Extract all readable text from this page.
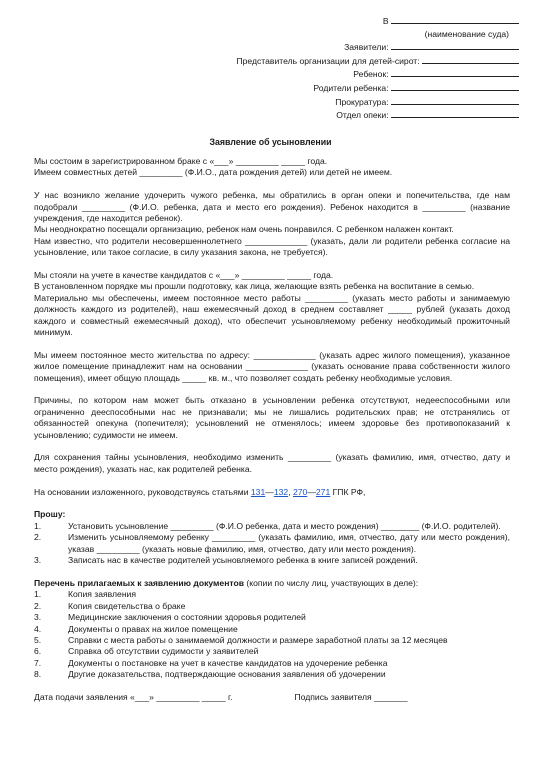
В
(наименование суда)
Заявители:
Представитель организации для детей-сирот:
Ребенок:
Родители ребенка:
Прокуратура:
Отдел опеки:
Заявление об усыновлении

Мы состоим в зарегистрированном браке с «___» _________ _____ года.

Имеем совместных детей _________ (Ф.И.О., дата рождения детей) или детей не имеем.

У нас возникло желание удочерить чужого ребенка, мы обратились в орган опеки и попечительства, где нам подобрали _________ (Ф.И.О. ребенка, дата и место его рождения). Ребенок находится в _________ (название учреждения, где находится ребенок).

Мы неоднократно посещали организацию, ребенок нам очень понравился. С ребенком налажен контакт.

Нам известно, что родители несовершеннолетнего _____________ (указать, дали ли родители ребенка согласие на усыновление, или такое согласие, в силу указания закона, не требуется).

Мы стояли на учете в качестве кандидатов с «___» _________ _____ года.

В установленном порядке мы прошли подготовку, как лица, желающие взять ребенка на воспитание в семью.

Материально мы обеспечены, имеем постоянное место работы _________ (указать место работы и занимаемую должность каждого из родителей), наш ежемесячный доход в среднем составляет _____ рублей (указать доход каждого и совместный ежемесячный доход), что обеспечит усыновляемому ребенку необходимый прожиточный минимум.

Мы имеем постоянное место жительства по адресу: _____________ (указать адрес жилого помещения), указанное жилое помещение принадлежит нам на основании _____________ (указать основание права собственности жилого помещения), имеет общую площадь _____ кв. м., что позволяет создать ребенку необходимые условия.

Причины, по котором нам может быть отказано в усыновлении ребенка отсутствуют, недееспособными или ограниченно дееспособными нас не признавали; мы не лишались родительских прав; не отстранялись от обязанностей опекуна (попечителя); усыновлений не отменялось; имеем здоровье без противопоказаний к усыновлению; судимости не имеем.

Для сохранения тайны усыновления, необходимо изменить _________ (указать фамилию, имя, отчество, дату и место рождения), указать нас, как родителей ребенка.

На основании изложенного, руководствуясь статьями 131—132, 270—271 ГПК РФ,

Прошу:

1.	Установить усыновление _________ (Ф.И.О ребенка, дата и место рождения) ________ (Ф.И.О. родителей).
2.	Изменить усыновляемому ребенку _________ (указать фамилию, имя, отчество, дату или место рождения), указав _________ (указать новые фамилию, имя, отчество, дату или место рождения).
3.	Записать нас в качестве родителей усыновляемого ребенка в книге записей рождений.

Перечень прилагаемых к заявлению документов (копии по числу лиц, участвующих в деле):

1.	Копия заявления
2.	Копия свидетельства о браке
3.	Медицинские заключения о состоянии здоровья родителей
4.	Документы о правах на жилое помещение
5.	Справки с места работы о занимаемой должности и размере заработной платы за 12 месяцев
6.	Справка об отсутствии судимости у заявителей
7.	Документы о постановке на учет в качестве кандидатов на удочерение ребенка
8.	Другие доказательства, подтверждающие основания заявления об удочерении

Дата подачи заявления «___» _________ _____ г.	Подпись заявителя _______
